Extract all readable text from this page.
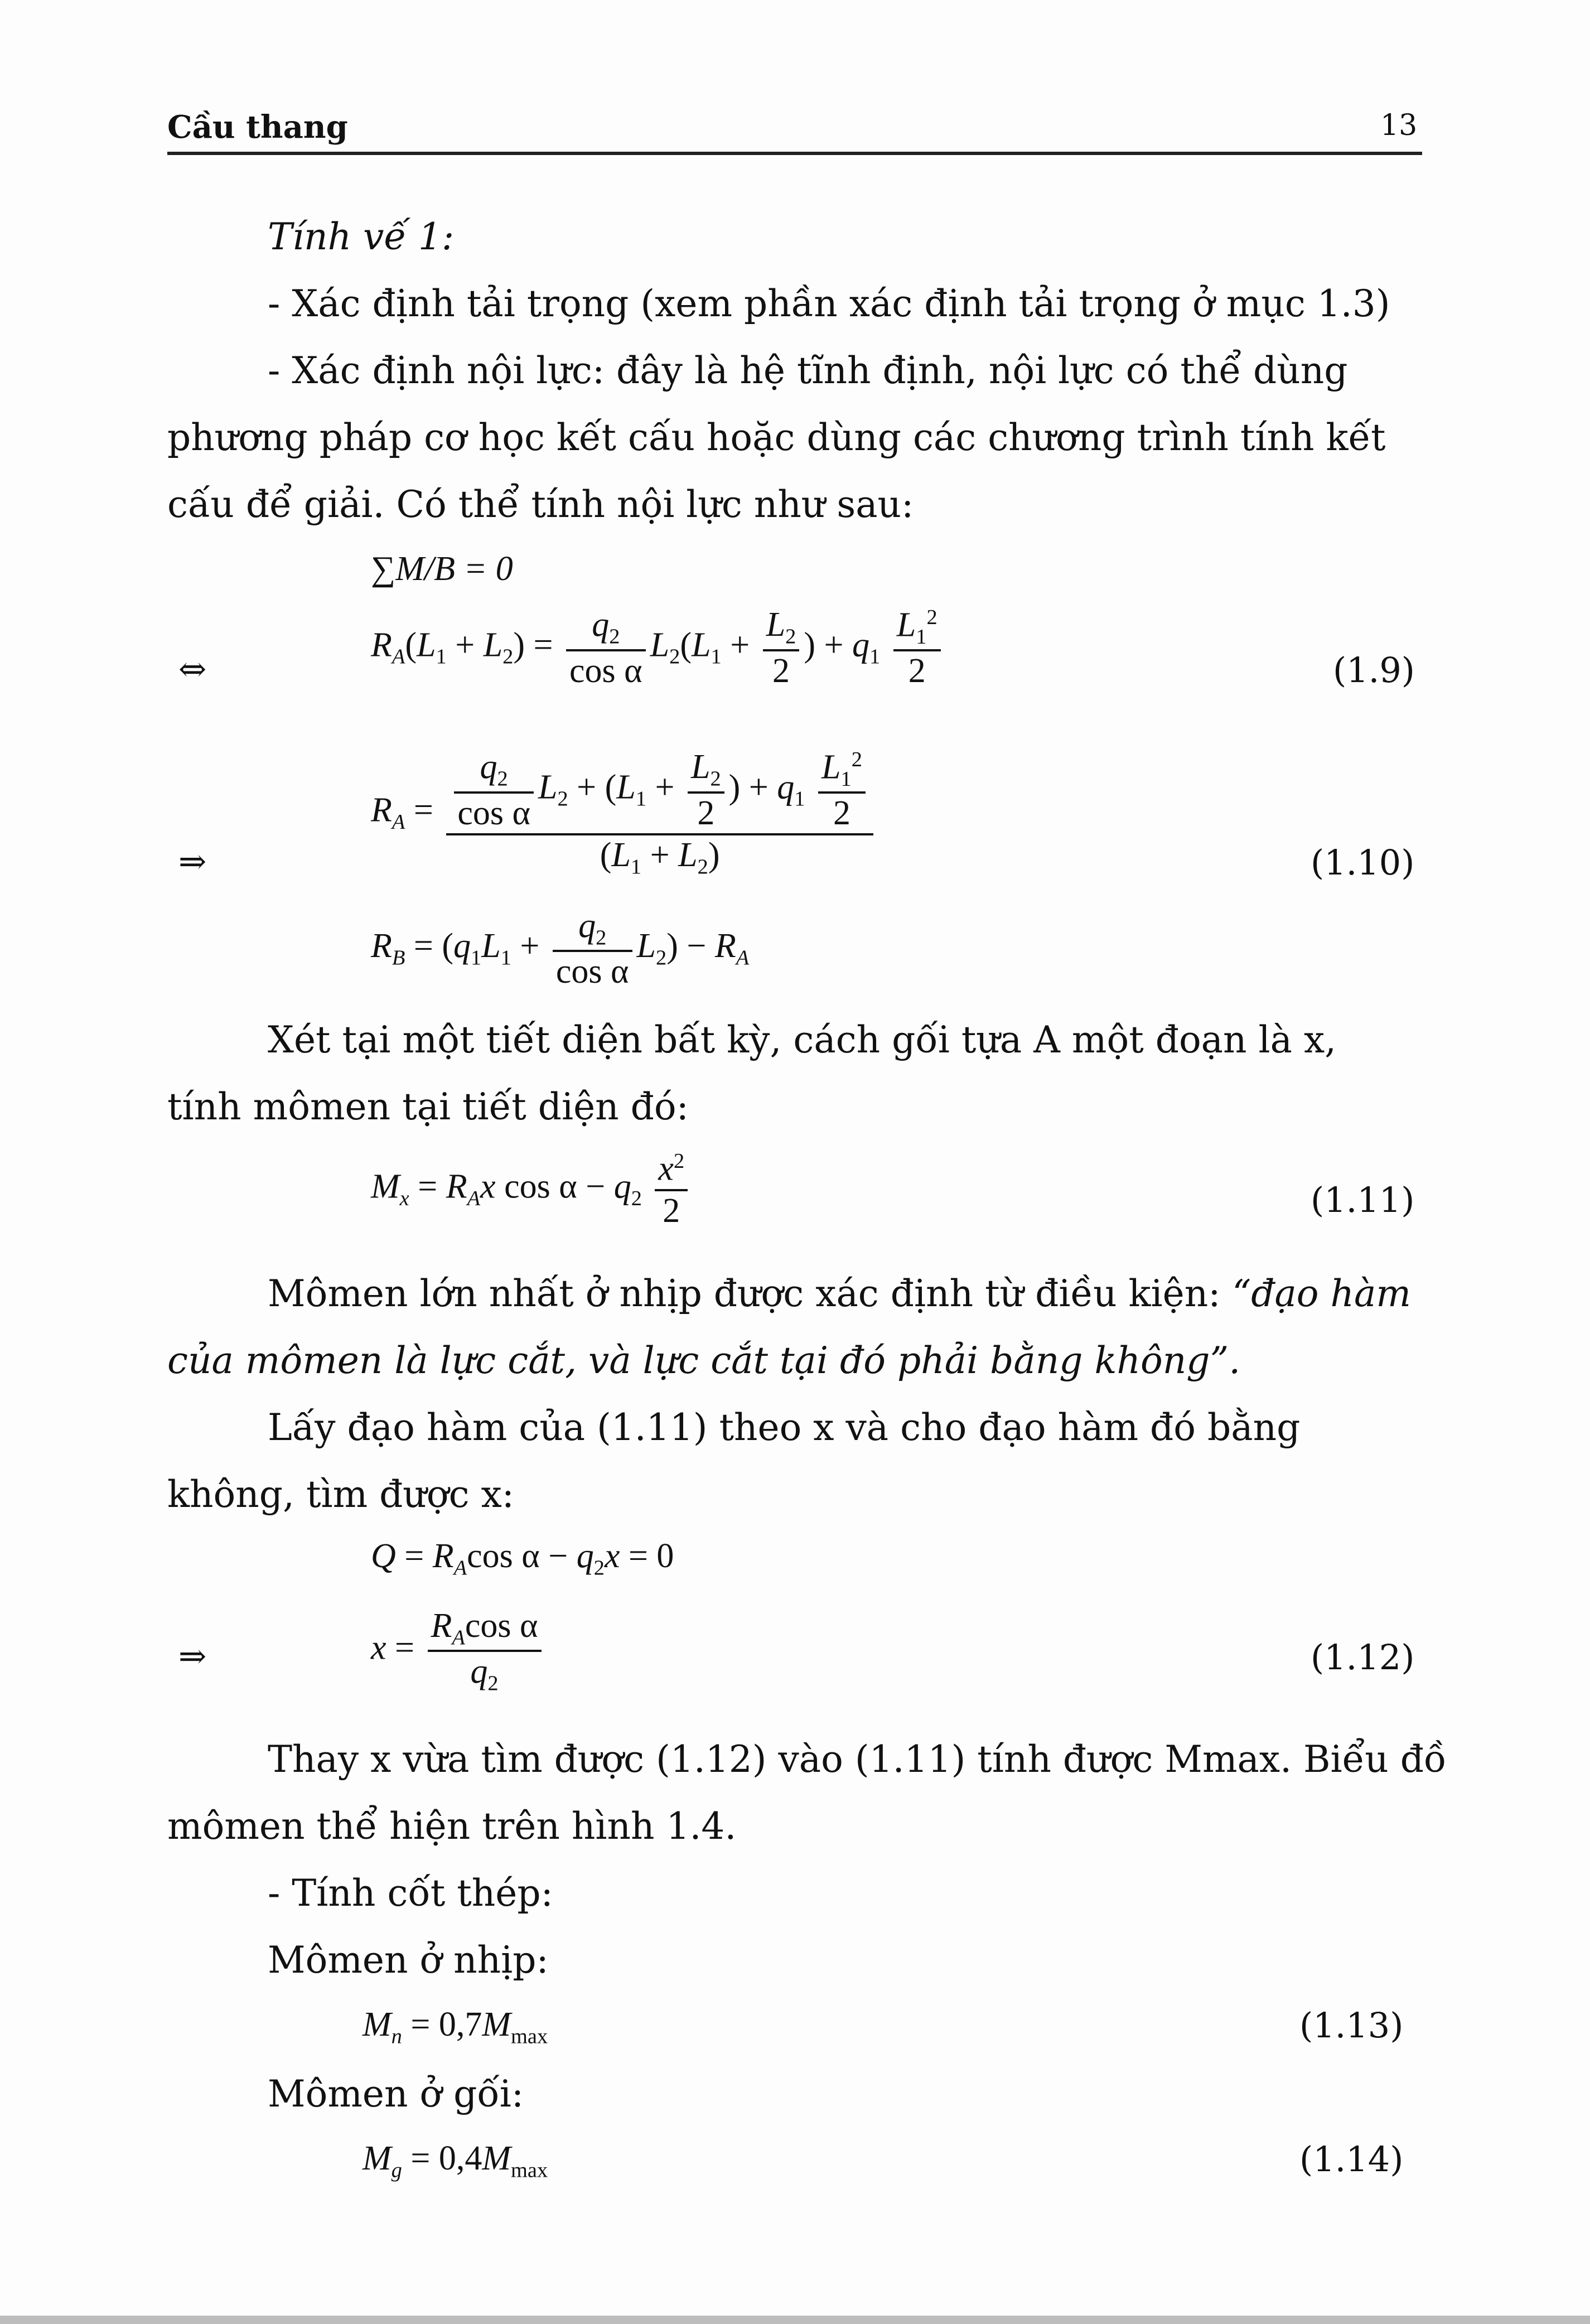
Cầu thang	13
Tính vế 1:
- Xác định tải trọng (xem phần xác định tải trọng ở mục 1.3)
- Xác định nội lực: đây là hệ tĩnh định, nội lực có thể dùng
phương pháp cơ học kết cấu hoặc dùng các chương trình tính kết
cấu để giải. Có thể tính nội lực như sau:
∑M/B = 0
⇔
$R_A(L_1 + L_2) = \frac{q_2}{\text{cos α}} L_2(L_1 + \frac{L_2}{2}$ ) + $q_1 \frac{L_1^2}{2}$	(1.9)
⇒
$R_A = \frac{\frac{q_2}{\text{cos α}} L_2 + (L_1 + \frac{L_2}{2} ) + q_1 \frac{L_1^2}{2}}{(L_1 + L_2)}$	(1.10)
$R_B = (q_1L_1 + \frac{q_2}{\text{cos α}} L_2) - R_A$
Xét tại một tiết diện bất kỳ, cách gối tựa A một đoạn là x,
tính mômen tại tiết diện đó:
$M_x = R_Ax$ $\cos \alpha - q_2 \frac{x^2}{2}$	(1.11)
Mômen lớn nhất ở nhịp được xác định từ điều kiện: “đạo hàm
của mômen là lực cắt, và lực cắt tại đó phải bằng không”.
Lấy đạo hàm của (1.11) theo x và cho đạo hàm đó bằng
không, tìm được x:
$Q = R_A\cos$ $\alpha - q_2x = 0$
⇒	$x = \frac{R_A\cos \alpha}{q_2}$	(1.12)
Thay x vừa tìm được (1.12) vào (1.11) tính được Mmax. Biểu đồ
mômen thể hiện trên hình 1.4.
- Tính cốt thép:
Mômen ở nhịp:
$M_n = 0,7M_{max}$	(1.13)
Mômen ở gối:
$M_g = 0,4M_{max}$	(1.14)
